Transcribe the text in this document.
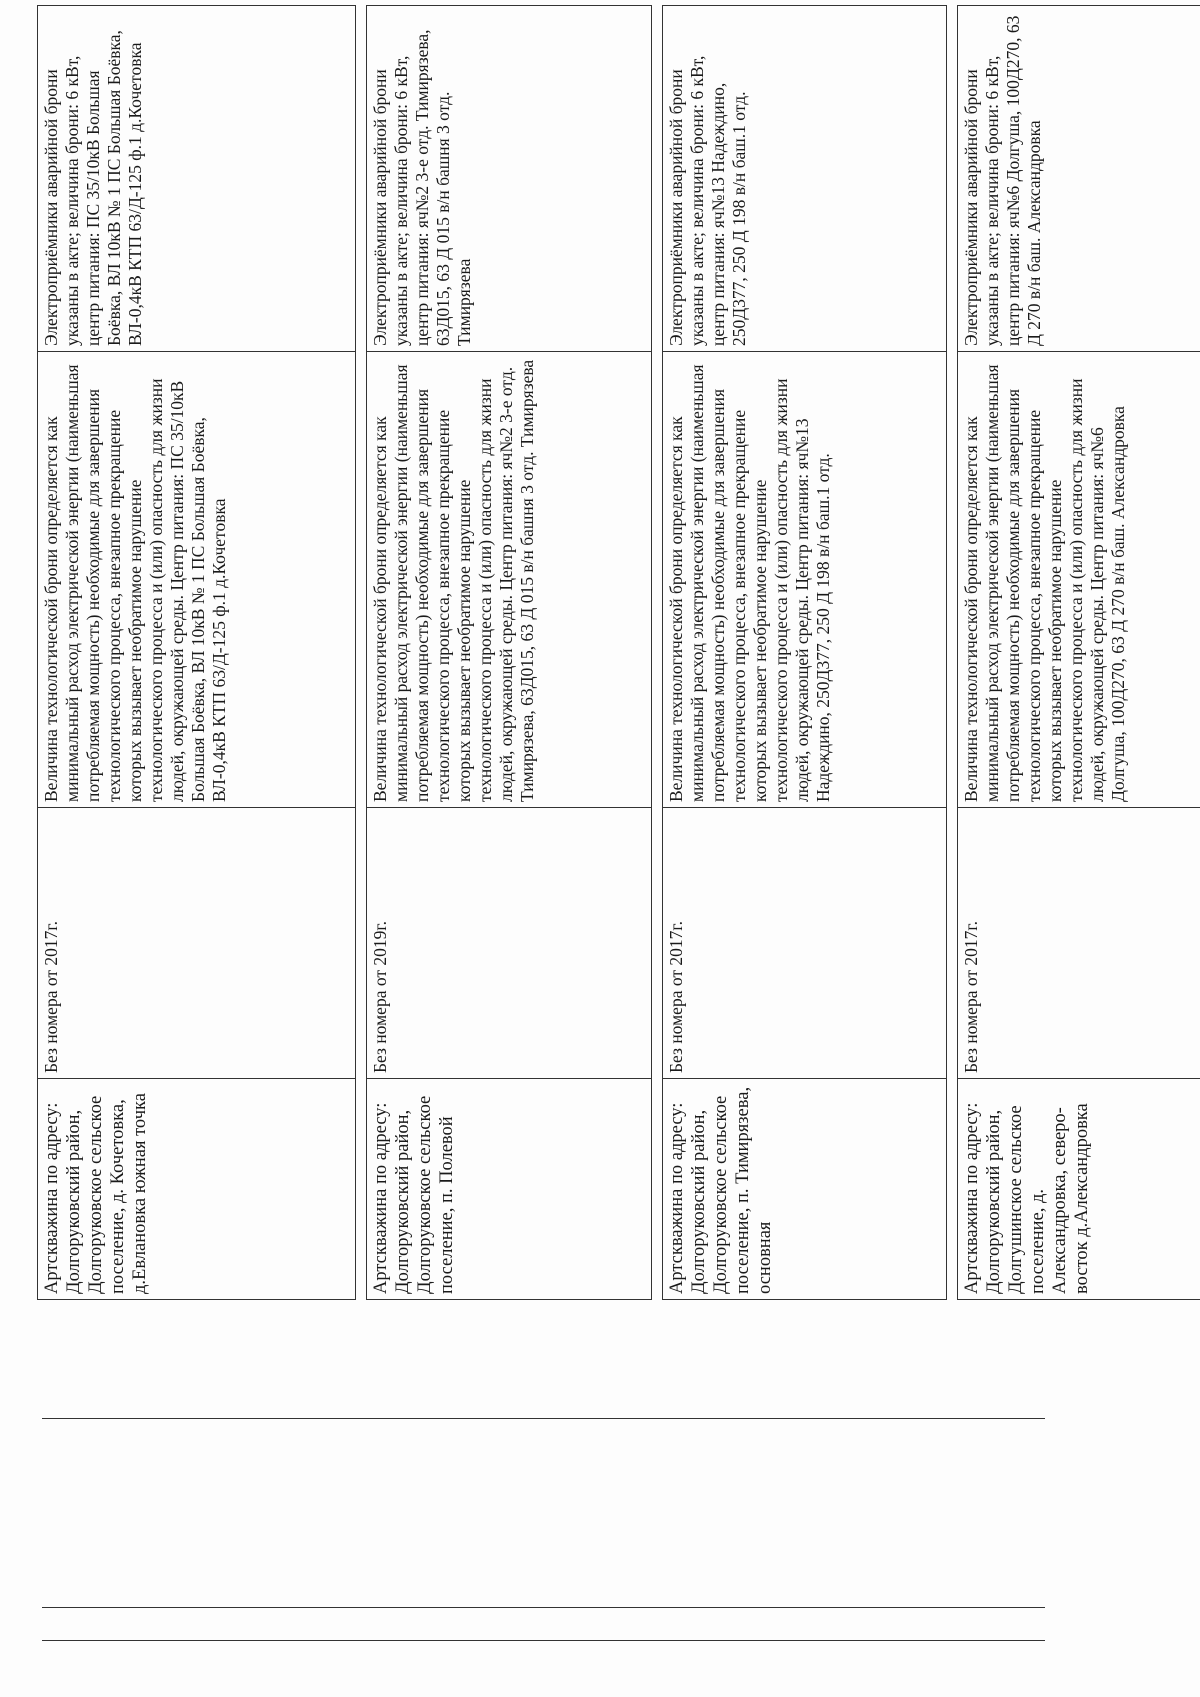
Артскважина по адресу: Долгоруковский район, Долгоруковское сельское поселение, д. Кочетовка, д.Евлановка южная точка	Без номера от 2017г.	Величина технологической брони определяется как минимальный расход электрической энергии (наименьшая потребляемая мощность) необходимые для завершения технологического процесса, внезапное прекращение которых вызывает необратимое нарушение технологического процесса и (или) опасность для жизни людей, окружающей среды. Центр питания: ПС 35/10кВ Большая Боёвка, ВЛ 10кВ № 1 ПС Большая Боёвка, ВЛ-0,4кВ КТП 63/Д-125 ф.1 д.Кочетовка	Электроприёмники аварийной брони указаны в акте; величина брони: 6 кВт, центр питания: ПС 35/10кВ Большая Боёвка, ВЛ 10кВ № 1 ПС Большая Боёвка, ВЛ-0,4кВ КТП 63/Д-125 ф.1 д.Кочетовка

Артскважина по адресу: Долгоруковский район, Долгоруковское сельское поселение, п. Полевой	Без номера от 2019г.	Величина технологической брони определяется как минимальный расход электрической энергии (наименьшая потребляемая мощность) необходимые для завершения технологического процесса, внезапное прекращение которых вызывает необратимое нарушение технологического процесса и (или) опасность для жизни людей, окружающей среды. Центр питания: яч№2 3-е отд. Тимирязева, 63Д015, 63 Д 015 в/н башня 3 отд. Тимирязева	Электроприёмники аварийной брони указаны в акте; величина брони: 6 кВт, центр питания: яч№2 3-е отд. Тимирязева, 63Д015, 63 Д 015 в/н башня 3 отд. Тимирязева

Артскважина по адресу: Долгоруковский район, Долгоруковское сельское поселение, п. Тимирязева, основная	Без номера от 2017г.	Величина технологической брони определяется как минимальный расход электрической энергии (наименьшая потребляемая мощность) необходимые для завершения технологического процесса, внезапное прекращение которых вызывает необратимое нарушение технологического процесса и (или) опасность для жизни людей, окружающей среды. Центр питания: яч№13 Надеждино, 250Д377, 250 Д 198 в/н баш.1 отд.	Электроприёмники аварийной брони указаны в акте; величина брони: 6 кВт, центр питания: яч№13 Надеждино, 250Д377, 250 Д 198 в/н баш.1 отд.

Артскважина по адресу: Долгоруковский район, Долгушинское сельское поселение, д. Александровка, северо-восток д.Александровка	Без номера от 2017г.	Величина технологической брони определяется как минимальный расход электрической энергии (наименьшая потребляемая мощность) необходимые для завершения технологического процесса, внезапное прекращение которых вызывает необратимое нарушение технологического процесса и (или) опасность для жизни людей, окружающей среды. Центр питания: яч№6 Долгуша, 100Д270, 63 Д 270 в/н баш. Александровка	Электроприёмники аварийной брони указаны в акте; величина брони: 6 кВт, центр питания: яч№6 Долгуша, 100Д270, 63 Д 270 в/н баш. Александровка
